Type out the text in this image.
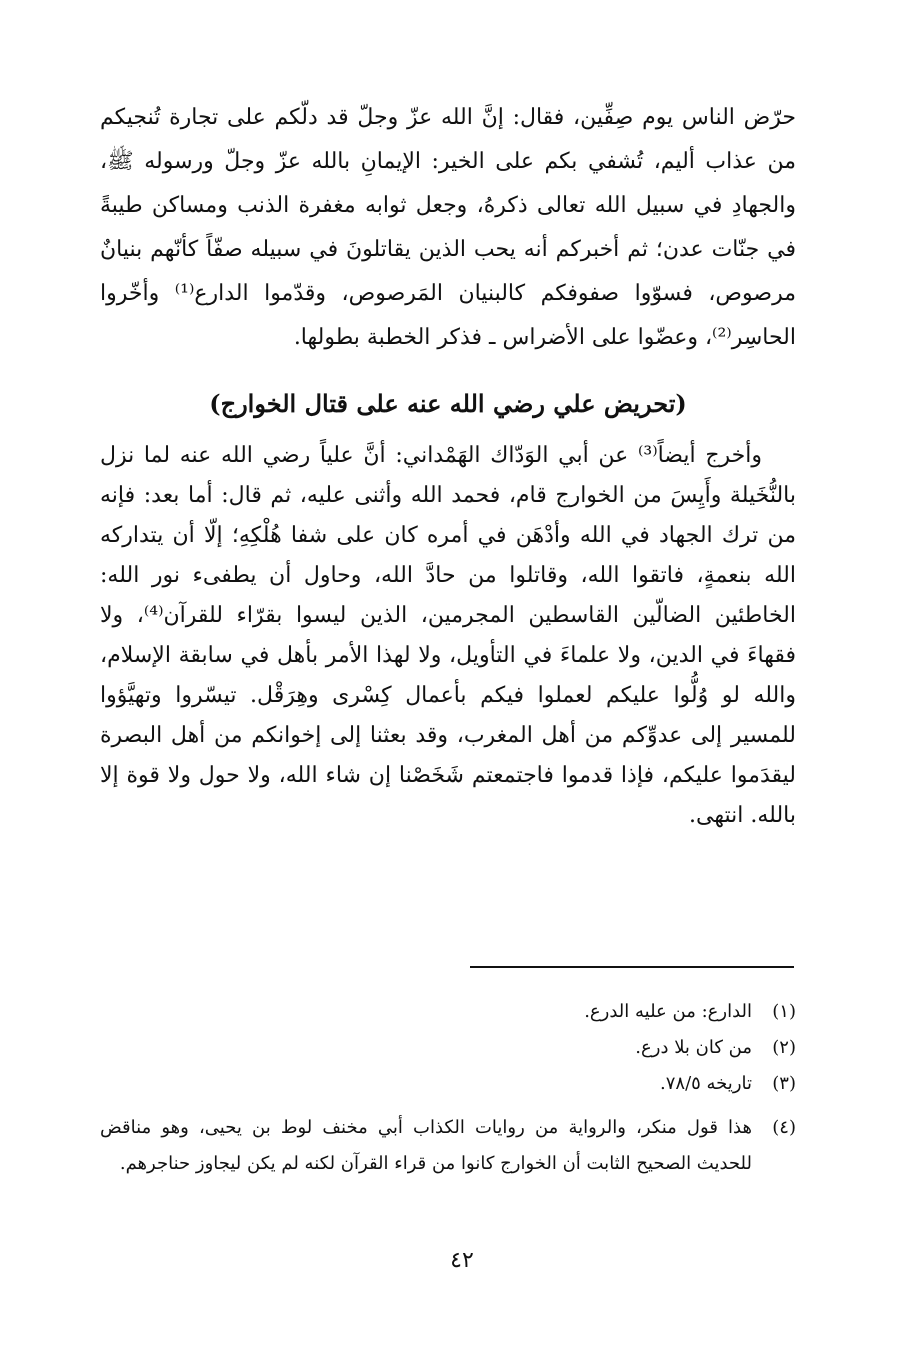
حرّض الناس يوم صِفِّين، فقال: إنَّ الله عزّ وجلّ قد دلّكم على تجارة تُنجيكم من عذاب أليم، تُشفي بكم على الخير: الإيمانِ بالله عزّ وجلّ ورسوله ﷺ، والجهادِ في سبيل الله تعالى ذكرهُ، وجعل ثوابه مغفرة الذنب ومساكن طيبةً في جنّات عدن؛ ثم أخبركم أنه يحب الذين يقاتلونَ في سبيله صفّاً كأنّهم بنيانٌ مرصوص، فسوّوا صفوفكم كالبنيان المَرصوص، وقدّموا الدارع⁽¹⁾ وأخّروا الحاسِر⁽²⁾، وعضّوا على الأضراس ـ فذكر الخطبة بطولها.

(تحريض علي رضي الله عنه على قتال الخوارج)

وأخرج أيضاً⁽³⁾ عن أبي الوَدّاك الهَمْداني: أنَّ علياً رضي الله عنه لما نزل بالنُّخَيلة وأَيِسَ من الخوارج قام، فحمد الله وأثنى عليه، ثم قال: أما بعد: فإنه من ترك الجهاد في الله وأدْهَن في أمره كان على شفا هُلْكِهِ؛ إلّا أن يتداركه الله بنعمةٍ، فاتقوا الله، وقاتلوا من حادَّ الله، وحاول أن يطفىء نور الله: الخاطئين الضالّين القاسطين المجرمين، الذين ليسوا بقرّاء للقرآن⁽⁴⁾، ولا فقهاءَ في الدين، ولا علماءَ في التأويل، ولا لهذا الأمر بأهل في سابقة الإسلام، والله لو وُلُّوا عليكم لعملوا فيكم بأعمال كِسْرى وهِرَقْل. تيسّروا وتهيَّؤوا للمسير إلى عدوِّكم من أهل المغرب، وقد بعثنا إلى إخوانكم من أهل البصرة ليقدَموا عليكم، فإذا قدموا فاجتمعتم شَخَصْنا إن شاء الله، ولا حول ولا قوة إلا بالله. انتهى.

(١)
الدارع: من عليه الدرع.
(٢)
من كان بلا درع.
(٣)
تاريخه ٧٨/٥.
(٤)
هذا قول منكر، والرواية من روايات الكذاب أبي مخنف لوط بن يحيى، وهو مناقض للحديث الصحيح الثابت أن الخوارج كانوا من قراء القرآن لكنه لم يكن ليجاوز حناجرهم.
٤٢
